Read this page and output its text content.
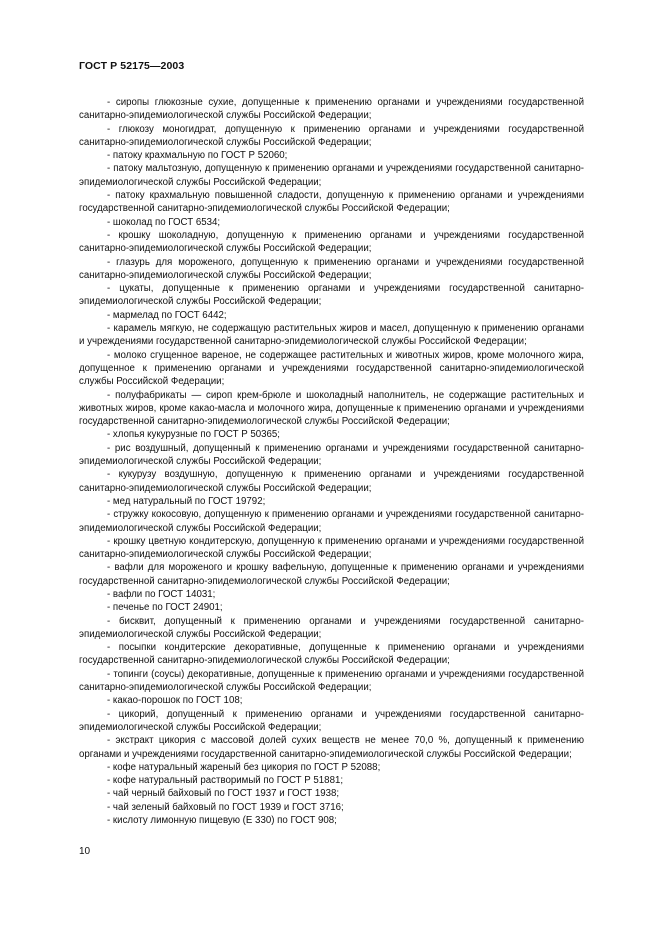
ГОСТ Р 52175—2003

- сиропы глюкозные сухие, допущенные к применению органами и учреждениями государственной санитарно-эпидемиологической службы Российской Федерации;

- глюкозу моногидрат, допущенную к применению органами и учреждениями государственной санитарно-эпидемиологической службы Российской Федерации;

- патоку крахмальную по ГОСТ Р 52060;

- патоку мальтозную, допущенную к применению органами и учреждениями государственной санитарно-эпидемиологической службы Российской Федерации;

- патоку крахмальную повышенной сладости, допущенную к применению органами и учреждениями государственной санитарно-эпидемиологической службы Российской Федерации;

- шоколад по ГОСТ 6534;

- крошку шоколадную, допущенную к применению органами и учреждениями государственной санитарно-эпидемиологической службы Российской Федерации;

- глазурь для мороженого, допущенную к применению органами и учреждениями государственной санитарно-эпидемиологической службы Российской Федерации;

- цукаты, допущенные к применению органами и учреждениями государственной санитарно-эпидемиологической службы Российской Федерации;

- мармелад по ГОСТ 6442;

- карамель мягкую, не содержащую растительных жиров и масел, допущенную к применению органами и учреждениями государственной санитарно-эпидемиологической службы Российской Федерации;

- молоко сгущенное вареное, не содержащее растительных и животных жиров, кроме молочного жира, допущенное к применению органами и учреждениями государственной санитарно-эпидемиологической службы Российской Федерации;

- полуфабрикаты — сироп крем-брюле и шоколадный наполнитель, не содержащие растительных и животных жиров, кроме какао-масла и молочного жира, допущенные к применению органами и учреждениями государственной санитарно-эпидемиологической службы Российской Федерации;

- хлопья кукурузные по ГОСТ Р 50365;

- рис воздушный, допущенный к применению органами и учреждениями государственной санитарно-эпидемиологической службы Российской Федерации;

- кукурузу воздушную, допущенную к применению органами и учреждениями государственной санитарно-эпидемиологической службы Российской Федерации;

- мед натуральный по ГОСТ 19792;

- стружку кокосовую, допущенную к применению органами и учреждениями государственной санитарно-эпидемиологической службы Российской Федерации;

- крошку цветную кондитерскую, допущенную к применению органами и учреждениями государственной санитарно-эпидемиологической службы Российской Федерации;

- вафли для мороженого и крошку вафельную, допущенные к применению органами и учреждениями государственной санитарно-эпидемиологической службы Российской Федерации;

- вафли по ГОСТ 14031;

- печенье по ГОСТ 24901;

- бисквит, допущенный к применению органами и учреждениями государственной санитарно-эпидемиологической службы Российской Федерации;

- посыпки кондитерские декоративные, допущенные к применению органами и учреждениями государственной санитарно-эпидемиологической службы Российской Федерации;

- топинги (соусы) декоративные, допущенные к применению органами и учреждениями государственной санитарно-эпидемиологической службы Российской Федерации;

- какао-порошок по ГОСТ 108;

- цикорий, допущенный к применению органами и учреждениями государственной санитарно-эпидемиологической службы Российской Федерации;

- экстракт цикория с массовой долей сухих веществ не менее 70,0 %, допущенный к применению органами и учреждениями государственной санитарно-эпидемиологической службы Российской Федерации;

- кофе натуральный жареный без цикория по ГОСТ Р 52088;

- кофе натуральный растворимый по ГОСТ Р 51881;

- чай черный байховый по ГОСТ 1937 и ГОСТ 1938;

- чай зеленый байховый по ГОСТ 1939 и ГОСТ 3716;

- кислоту лимонную пищевую (Е 330) по ГОСТ 908;

10
